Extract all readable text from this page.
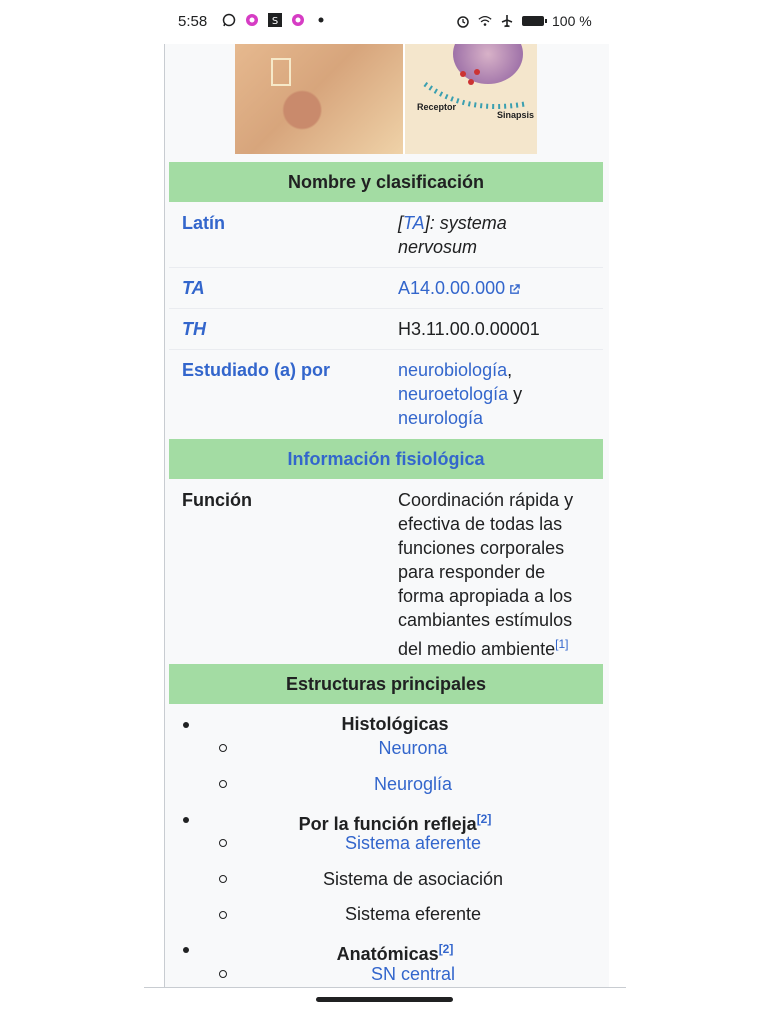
5:58	S	100 %
Receptor
Sinapsis
Nombre y clasificación
Latín	[TA]: systema nervosum
TA	A14.0.00.000
TH	H3.11.00.0.00001
Estudiado (a) por	neurobiología,
neuroetología y
neurología
Información fisiológica
Función	Coordinación rápida y efectiva de todas las funciones corporales para responder de forma apropiada a los cambiantes estímulos del medio ambiente[1]
Estructuras principales
Histológicas
Neurona
Neuroglía
Por la función refleja[2]
Sistema aferente
Sistema de asociación
Sistema eferente
Anatómicas[2]
SN central
